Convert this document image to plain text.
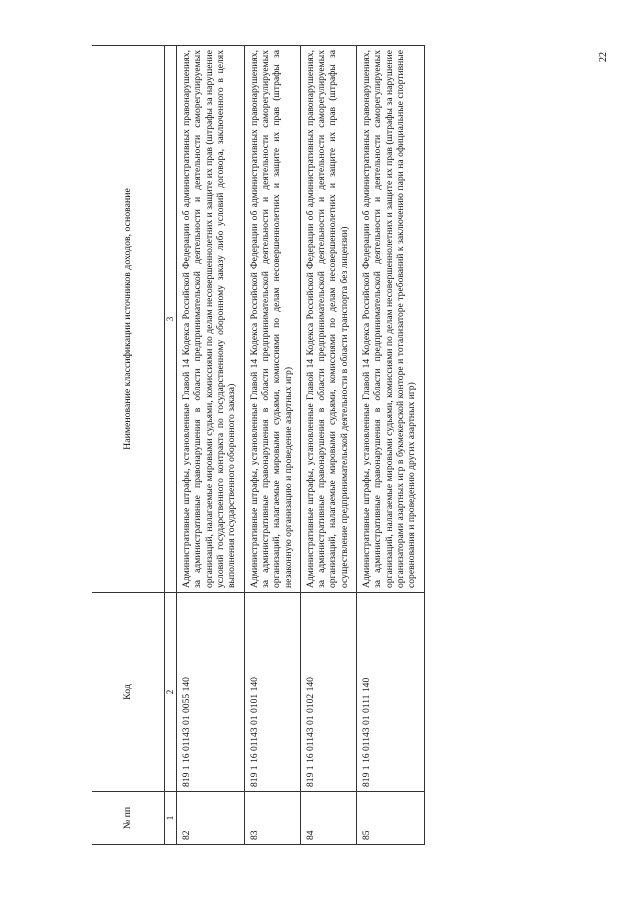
22
№ пп	Код	Наименование классификации источников доходов, основание
1	2	3
82	819 1 16 01143 01 0055 140	Административные штрафы, установленные Главой 14 Кодекса Российской Федерации об административных правонарушениях, за административные правонарушения в области предпринимательской деятельности и деятельности саморегулируемых организаций, налагаемые мировыми судьями, комиссиями по делам несовершеннолетних и защите их прав (штрафы за нарушение условий государственного контракта по государственному оборонному заказу либо условий договора, заключенного в целях выполнения государственного оборонного заказа)
83	819 1 16 01143 01 0101 140	Административные штрафы, установленные Главой 14 Кодекса Российской Федерации об административных правонарушениях, за административные правонарушения в области предпринимательской деятельности и деятельности саморегулируемых организаций, налагаемые мировыми судьями, комиссиями по делам несовершеннолетних и защите их прав (штрафы за незаконную организацию и проведение азартных игр)
84	819 1 16 01143 01 0102 140	Административные штрафы, установленные Главой 14 Кодекса Российской Федерации об административных правонарушениях, за административные правонарушения в области предпринимательской деятельности и деятельности саморегулируемых организаций, налагаемые мировыми судьями, комиссиями по делам несовершеннолетних и защите их прав (штрафы за осуществление предпринимательской деятельности в области транспорта без лицензии)
85	819 1 16 01143 01 0111 140	Административные штрафы, установленные Главой 14 Кодекса Российской Федерации об административных правонарушениях, за административные правонарушения в области предпринимательской деятельности и деятельности саморегулируемых организаций, налагаемые мировыми судьями, комиссиями по делам несовершеннолетних и защите их прав (штрафы за нарушение организаторами азартных игр в букмекерской конторе и тотализаторе требований к заключению пари на официальные спортивные соревнования и проведению других азартных игр)
